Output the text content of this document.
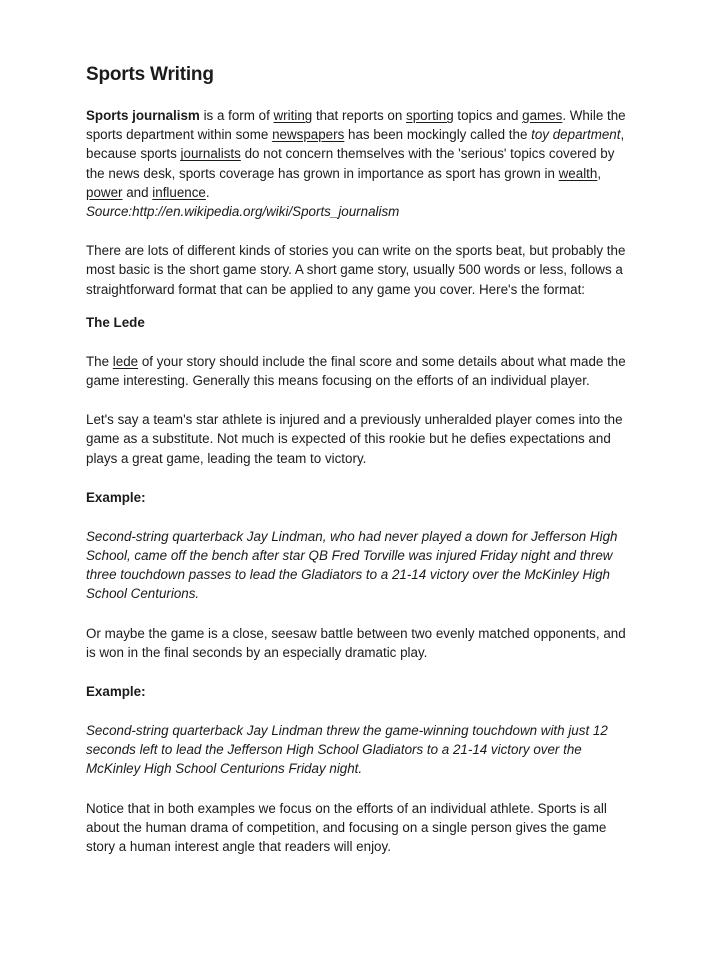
Sports Writing

Sports journalism is a form of writing that reports on sporting topics and games. While the sports department within some newspapers has been mockingly called the toy department, because sports journalists do not concern themselves with the 'serious' topics covered by the news desk, sports coverage has grown in importance as sport has grown in wealth, power and influence.
Source:http://en.wikipedia.org/wiki/Sports_journalism

There are lots of different kinds of stories you can write on the sports beat, but probably the most basic is the short game story. A short game story, usually 500 words or less, follows a straightforward format that can be applied to any game you cover. Here's the format:

The Lede

The lede of your story should include the final score and some details about what made the game interesting. Generally this means focusing on the efforts of an individual player.

Let's say a team's star athlete is injured and a previously unheralded player comes into the game as a substitute. Not much is expected of this rookie but he defies expectations and plays a great game, leading the team to victory.

Example:

Second-string quarterback Jay Lindman, who had never played a down for Jefferson High School, came off the bench after star QB Fred Torville was injured Friday night and threw three touchdown passes to lead the Gladiators to a 21-14 victory over the McKinley High School Centurions.

Or maybe the game is a close, seesaw battle between two evenly matched opponents, and is won in the final seconds by an especially dramatic play.

Example:

Second-string quarterback Jay Lindman threw the game-winning touchdown with just 12 seconds left to lead the Jefferson High School Gladiators to a 21-14 victory over the McKinley High School Centurions Friday night.

Notice that in both examples we focus on the efforts of an individual athlete. Sports is all about the human drama of competition, and focusing on a single person gives the game story a human interest angle that readers will enjoy.
